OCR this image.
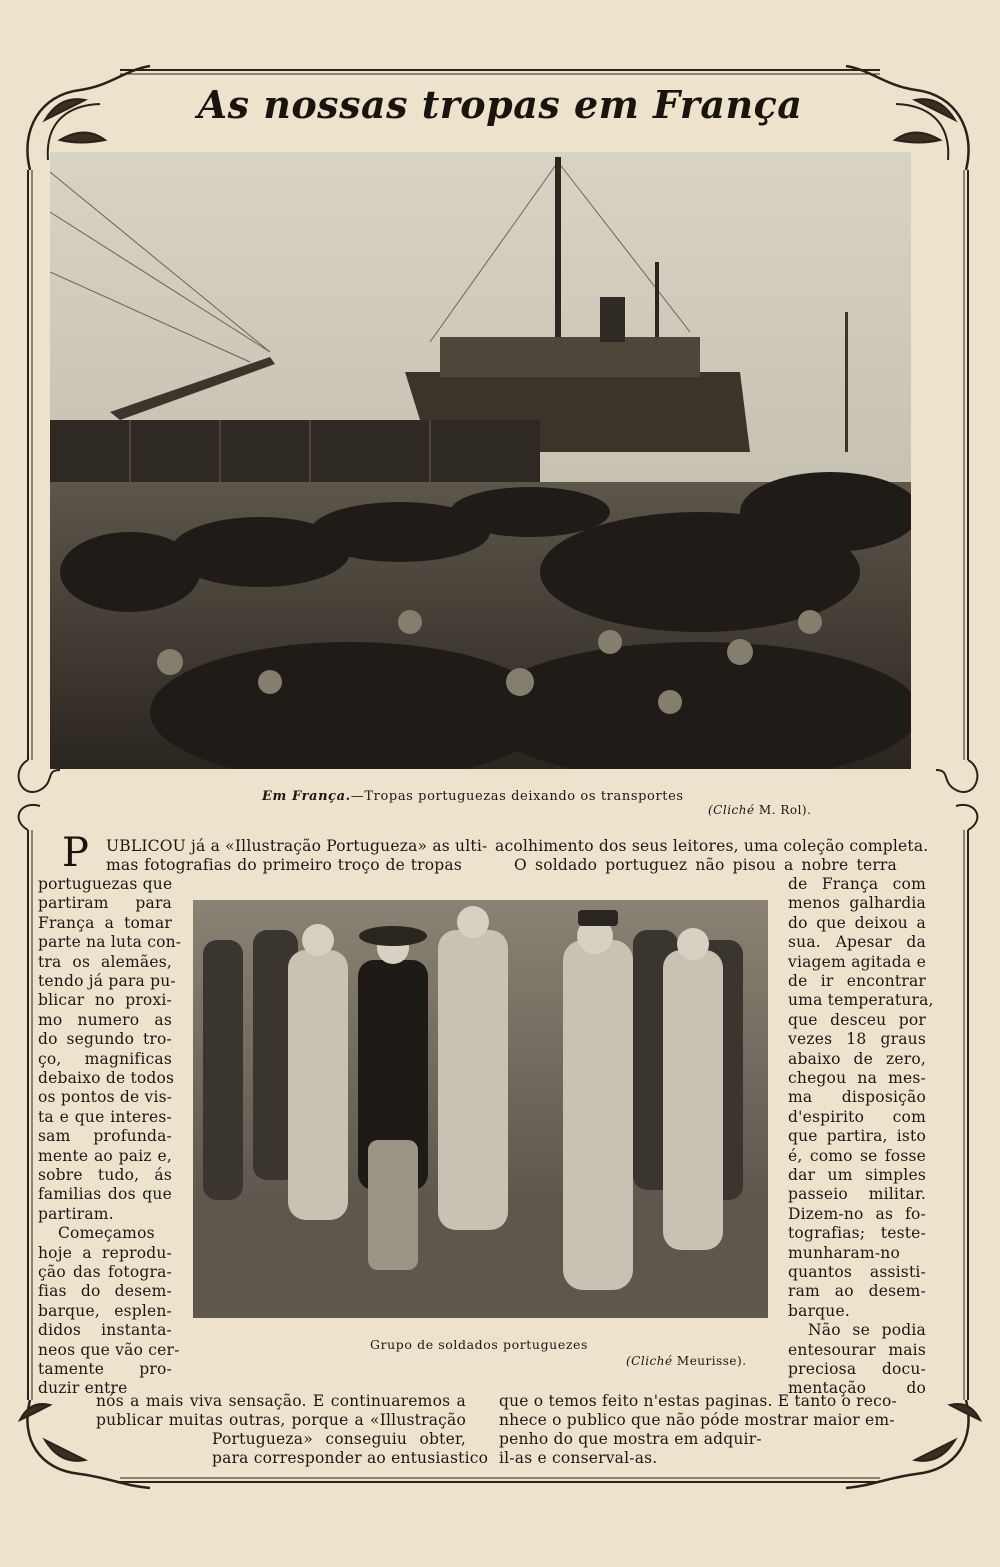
As nossas tropas em França
Em França.—Tropas portuguezas deixando os transportes
(Cliché M. Rol).
P UBLICOU já a «Illustração Portugueza» as ulti-
mas fotografias do primeiro troço de tropas
acolhimento dos seus leitores, uma coleção completa.
O soldado portuguez não pisou a nobre terra
portuguezas que
partiram para
França a tomar
parte na luta con-
tra os alemães,
tendo já para pu-
blicar no proxi-
mo numero as
do segundo tro-
ço, magnificas
debaixo de todos
os pontos de vis-
ta e que interes-
sam profunda-
mente ao paiz e,
sobre tudo, ás
familias dos que
partiram.
Começamos
hoje a reprodu-
ção das fotogra-
fias do desem-
barque, esplen-
didos instanta-
neos que vão cer-
tamente pro-
duzir entre
Grupo de soldados portuguezes
(Cliché Meurisse).
de França com
menos galhardia
do que deixou a
sua. Apesar da
viagem agitada e
de ir encontrar
uma temperatura,
que desceu por
vezes 18 graus
abaixo de zero,
chegou na mes-
ma disposição
d'espirito com
que partira, isto
é, como se fosse
dar um simples
passeio militar.
Dizem-no as fo-
tografias; teste-
munharam-no
quantos assisti-
ram ao desem-
barque.
Não se podia
entesourar mais
preciosa docu-
mentação do
nós a mais viva sensação. E continuaremos a
publicar muitas outras, porque a «Illustração
Portugueza» conseguiu obter,
para corresponder ao entusiastico
que o temos feito n'estas paginas. E tanto o reco-
nhece o publico que não póde mostrar maior em-
penho do que mostra em adquir-
il-as e conserval-as.
